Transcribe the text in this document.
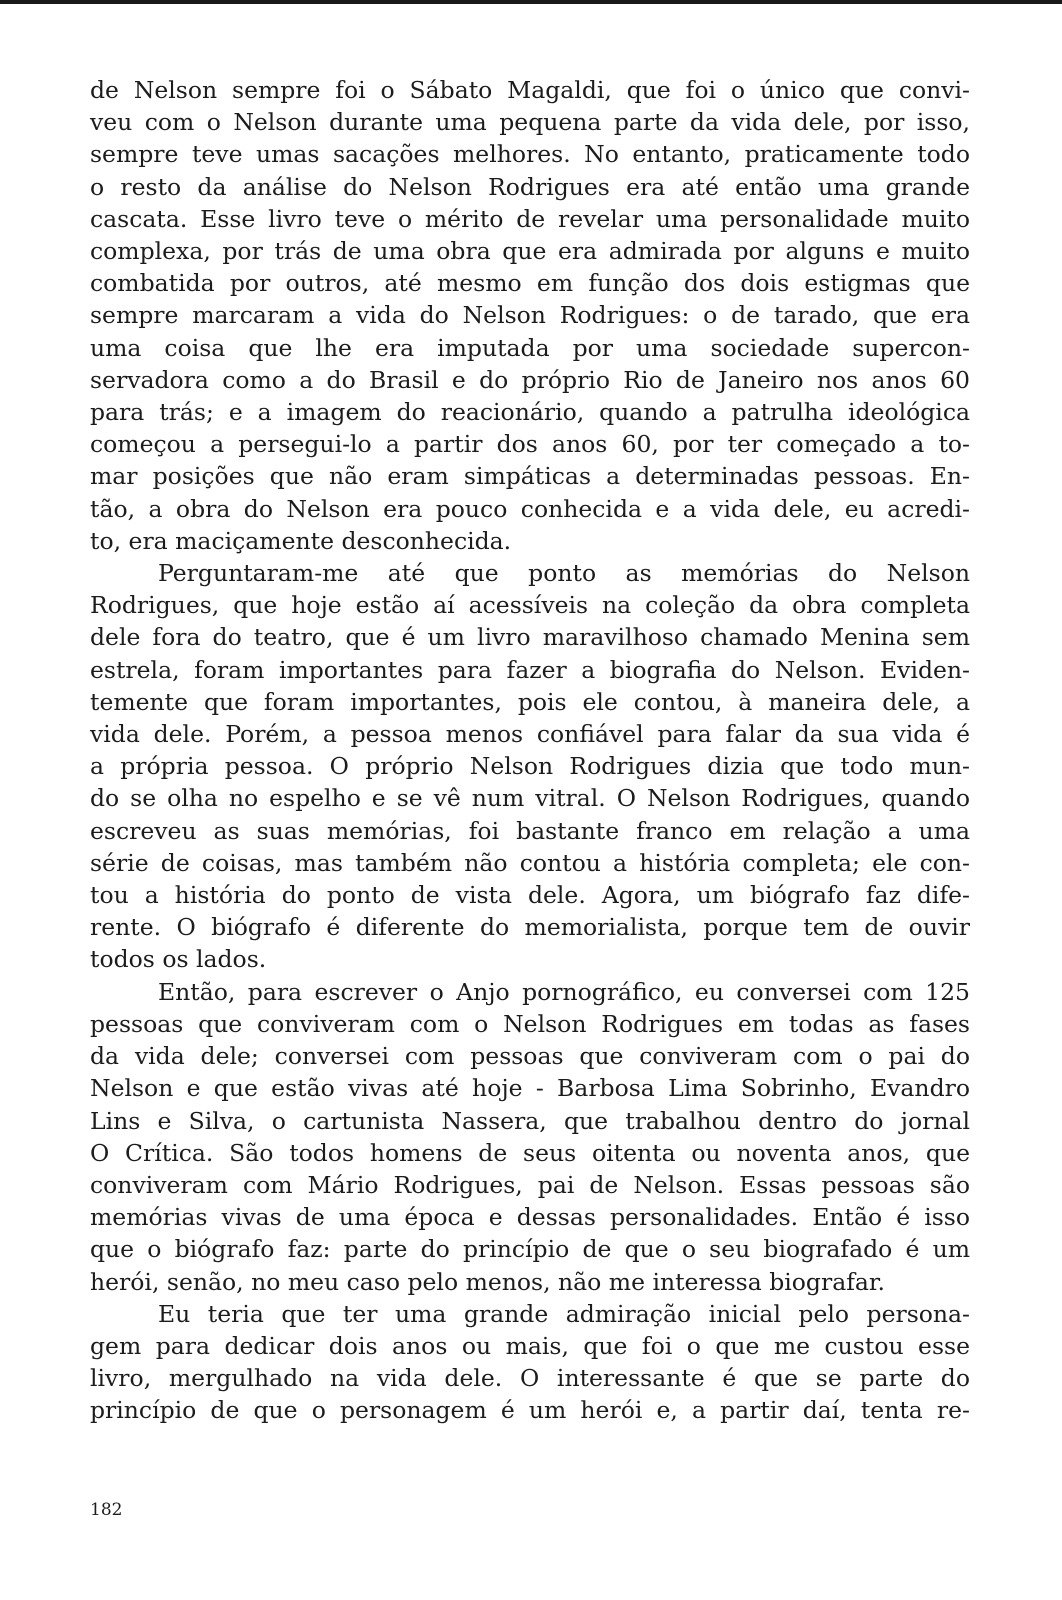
de Nelson sempre foi o Sábato Magaldi, que foi o único que convi-
veu com o Nelson durante uma pequena parte da vida dele, por isso,
sempre teve umas sacações melhores. No entanto, praticamente todo
o resto da análise do Nelson Rodrigues era até então uma grande
cascata. Esse livro teve o mérito de revelar uma personalidade muito
complexa, por trás de uma obra que era admirada por alguns e muito
combatida por outros, até mesmo em função dos dois estigmas que
sempre marcaram a vida do Nelson Rodrigues: o de tarado, que era
uma coisa que lhe era imputada por uma sociedade supercon-
servadora como a do Brasil e do próprio Rio de Janeiro nos anos 60
para trás; e a imagem do reacionário, quando a patrulha ideológica
começou a persegui-lo a partir dos anos 60, por ter começado a to-
mar posições que não eram simpáticas a determinadas pessoas. En-
tão, a obra do Nelson era pouco conhecida e a vida dele, eu acredi-
to, era maciçamente desconhecida.

Perguntaram-me até que ponto as memórias do Nelson
Rodrigues, que hoje estão aí acessíveis na coleção da obra completa
dele fora do teatro, que é um livro maravilhoso chamado Menina sem
estrela, foram importantes para fazer a biografia do Nelson. Eviden-
temente que foram importantes, pois ele contou, à maneira dele, a
vida dele. Porém, a pessoa menos confiável para falar da sua vida é
a própria pessoa. O próprio Nelson Rodrigues dizia que todo mun-
do se olha no espelho e se vê num vitral. O Nelson Rodrigues, quando
escreveu as suas memórias, foi bastante franco em relação a uma
série de coisas, mas também não contou a história completa; ele con-
tou a história do ponto de vista dele. Agora, um biógrafo faz dife-
rente. O biógrafo é diferente do memorialista, porque tem de ouvir
todos os lados.

Então, para escrever o Anjo pornográfico, eu conversei com 125
pessoas que conviveram com o Nelson Rodrigues em todas as fases
da vida dele; conversei com pessoas que conviveram com o pai do
Nelson e que estão vivas até hoje - Barbosa Lima Sobrinho, Evandro
Lins e Silva, o cartunista Nassera, que trabalhou dentro do jornal
O Crítica. São todos homens de seus oitenta ou noventa anos, que
conviveram com Mário Rodrigues, pai de Nelson. Essas pessoas são
memórias vivas de uma época e dessas personalidades. Então é isso
que o biógrafo faz: parte do princípio de que o seu biografado é um
herói, senão, no meu caso pelo menos, não me interessa biografar.

Eu teria que ter uma grande admiração inicial pelo persona-
gem para dedicar dois anos ou mais, que foi o que me custou esse
livro, mergulhado na vida dele. O interessante é que se parte do
princípio de que o personagem é um herói e, a partir daí, tenta re-

182
